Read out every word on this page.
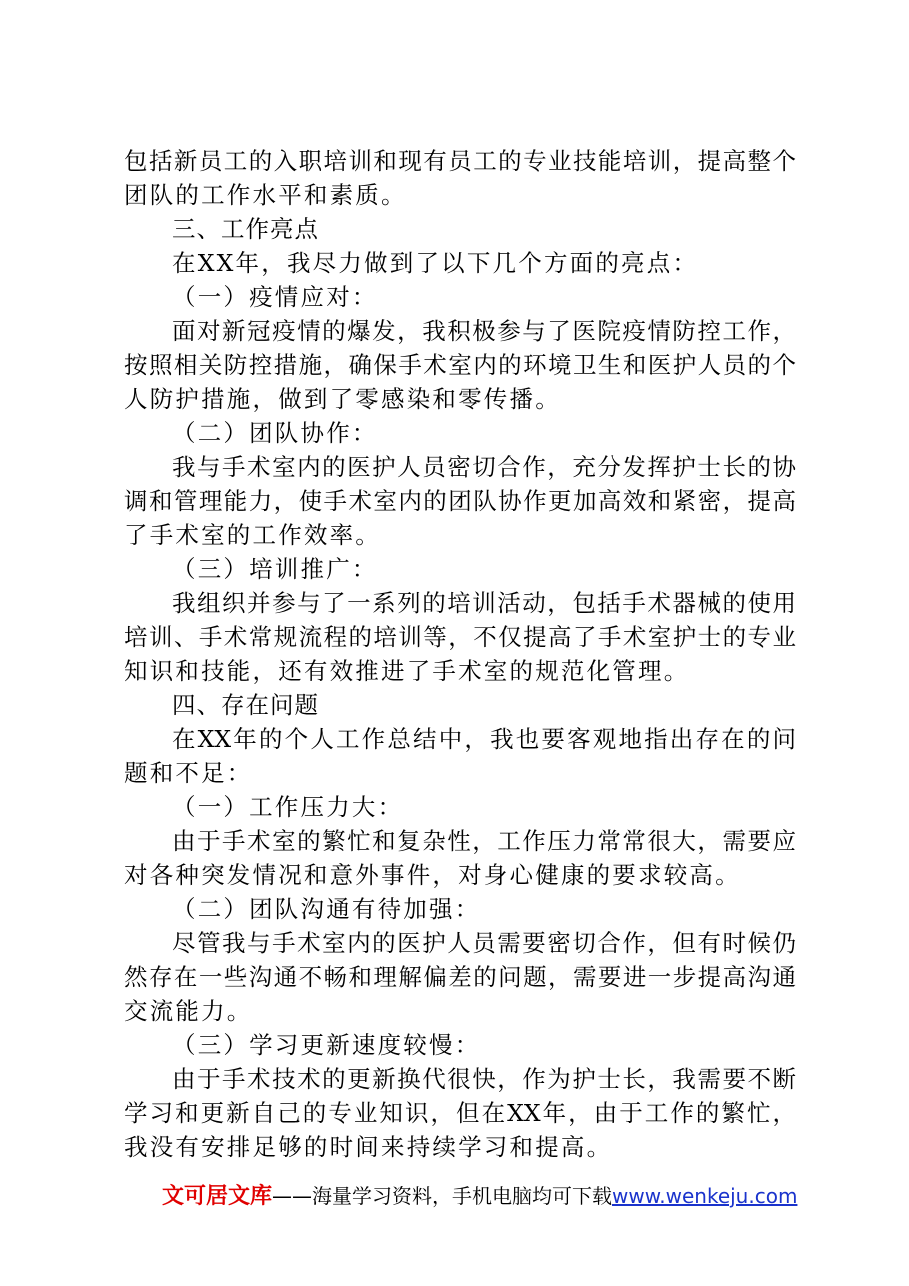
包括新员工的入职培训和现有员工的专业技能培训，提高整个
团队的工作水平和素质。
三、工作亮点
在XX年，我尽力做到了以下几个方面的亮点：
（一）疫情应对：
面对新冠疫情的爆发，我积极参与了医院疫情防控工作，
按照相关防控措施，确保手术室内的环境卫生和医护人员的个
人防护措施，做到了零感染和零传播。
（二）团队协作：
我与手术室内的医护人员密切合作，充分发挥护士长的协
调和管理能力，使手术室内的团队协作更加高效和紧密，提高
了手术室的工作效率。
（三）培训推广：
我组织并参与了一系列的培训活动，包括手术器械的使用
培训、手术常规流程的培训等，不仅提高了手术室护士的专业
知识和技能，还有效推进了手术室的规范化管理。
四、存在问题
在XX年的个人工作总结中，我也要客观地指出存在的问
题和不足：
（一）工作压力大：
由于手术室的繁忙和复杂性，工作压力常常很大，需要应
对各种突发情况和意外事件，对身心健康的要求较高。
（二）团队沟通有待加强：
尽管我与手术室内的医护人员需要密切合作，但有时候仍
然存在一些沟通不畅和理解偏差的问题，需要进一步提高沟通
交流能力。
（三）学习更新速度较慢：
由于手术技术的更新换代很快，作为护士长，我需要不断
学习和更新自己的专业知识，但在XX年，由于工作的繁忙，
文可居文库——海量学习资料，手机电脑均可下载www.wenkeju.com
我没有安排足够的时间来持续学习和提高。
